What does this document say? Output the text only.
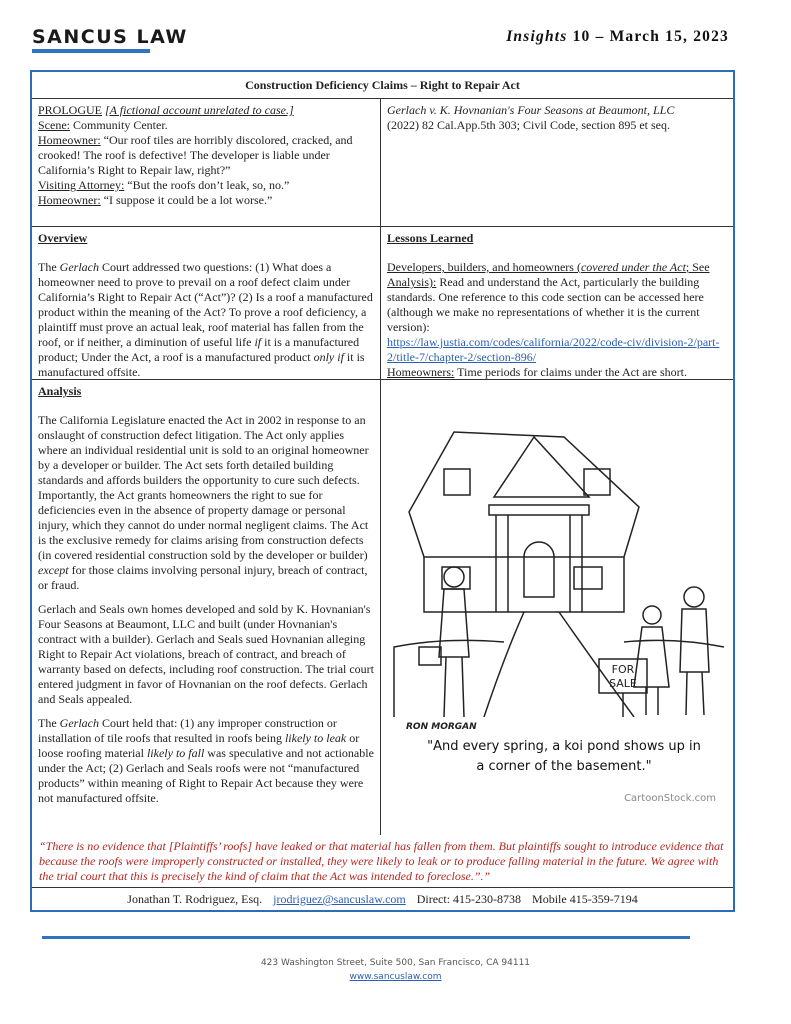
SANCUS LAW	Insights 10 – March 15, 2023
Construction Deficiency Claims – Right to Repair Act
PROLOGUE [A fictional account unrelated to case.]
Scene: Community Center.
Homeowner: “Our roof tiles are horribly discolored, cracked, and crooked! The roof is defective! The developer is liable under California’s Right to Repair law, right?”
Visiting Attorney: “But the roofs don’t leak, so, no.”
Homeowner: “I suppose it could be a lot worse.”
Gerlach v. K. Hovnanian's Four Seasons at Beaumont, LLC
(2022) 82 Cal.App.5th 303; Civil Code, section 895 et seq.
Overview
The Gerlach Court addressed two questions: (1) What does a homeowner need to prove to prevail on a roof defect claim under California’s Right to Repair Act (“Act”)? (2) Is a roof a manufactured product within the meaning of the Act? To prove a roof deficiency, a plaintiff must prove an actual leak, roof material has fallen from the roof, or if neither, a diminution of useful life if it is a manufactured product; Under the Act, a roof is a manufactured product only if it is manufactured offsite.
Lessons Learned
Developers, builders, and homeowners (covered under the Act; See Analysis): Read and understand the Act, particularly the building standards. One reference to this code section can be accessed here (although we make no representations of whether it is the current version):
https://law.justia.com/codes/california/2022/code-civ/division-2/part-2/title-7/chapter-2/section-896/
Homeowners: Time periods for claims under the Act are short.
Analysis

The California Legislature enacted the Act in 2002 in response to an onslaught of construction defect litigation. The Act only applies where an individual residential unit is sold to an original homeowner by a developer or builder. The Act sets forth detailed building standards and affords builders the opportunity to cure such defects. Importantly, the Act grants homeowners the right to sue for deficiencies even in the absence of property damage or personal injury, which they cannot do under normal negligent claims. The Act is the exclusive remedy for claims arising from construction defects (in covered residential construction sold by the developer or builder) except for those claims involving personal injury, breach of contract, or fraud.

Gerlach and Seals own homes developed and sold by K. Hovnanian's Four Seasons at Beaumont, LLC and built (under Hovnanian's contract with a builder). Gerlach and Seals sued Hovnanian alleging Right to Repair Act violations, breach of contract, and breach of warranty based on defects, including roof construction. The trial court entered judgment in favor of Hovnanian on the roof defects. Gerlach and Seals appealed.

The Gerlach Court held that: (1) any improper construction or installation of tile roofs that resulted in roofs being likely to leak or loose roofing material likely to fall was speculative and not actionable under the Act; (2) Gerlach and Seals roofs were not “manufactured products” within meaning of Right to Repair Act because they were not manufactured offsite.

FOR
SALE
RON MORGAN
"And every spring, a koi pond shows up in a corner of the basement."
CartoonStock.com
“There is no evidence that [Plaintiffs’ roofs] have leaked or that material has fallen from them. But plaintiffs sought to introduce evidence that because the roofs were improperly constructed or installed, they were likely to leak or to produce falling material in the future. We agree with the trial court that this is precisely the kind of claim that the Act was intended to foreclose.”.”
Jonathan T. Rodriguez, Esq. jrodriguez@sancuslaw.com Direct: 415-230-8738 Mobile 415-359-7194
423 Washington Street, Suite 500, San Francisco, CA 94111
www.sancuslaw.com
